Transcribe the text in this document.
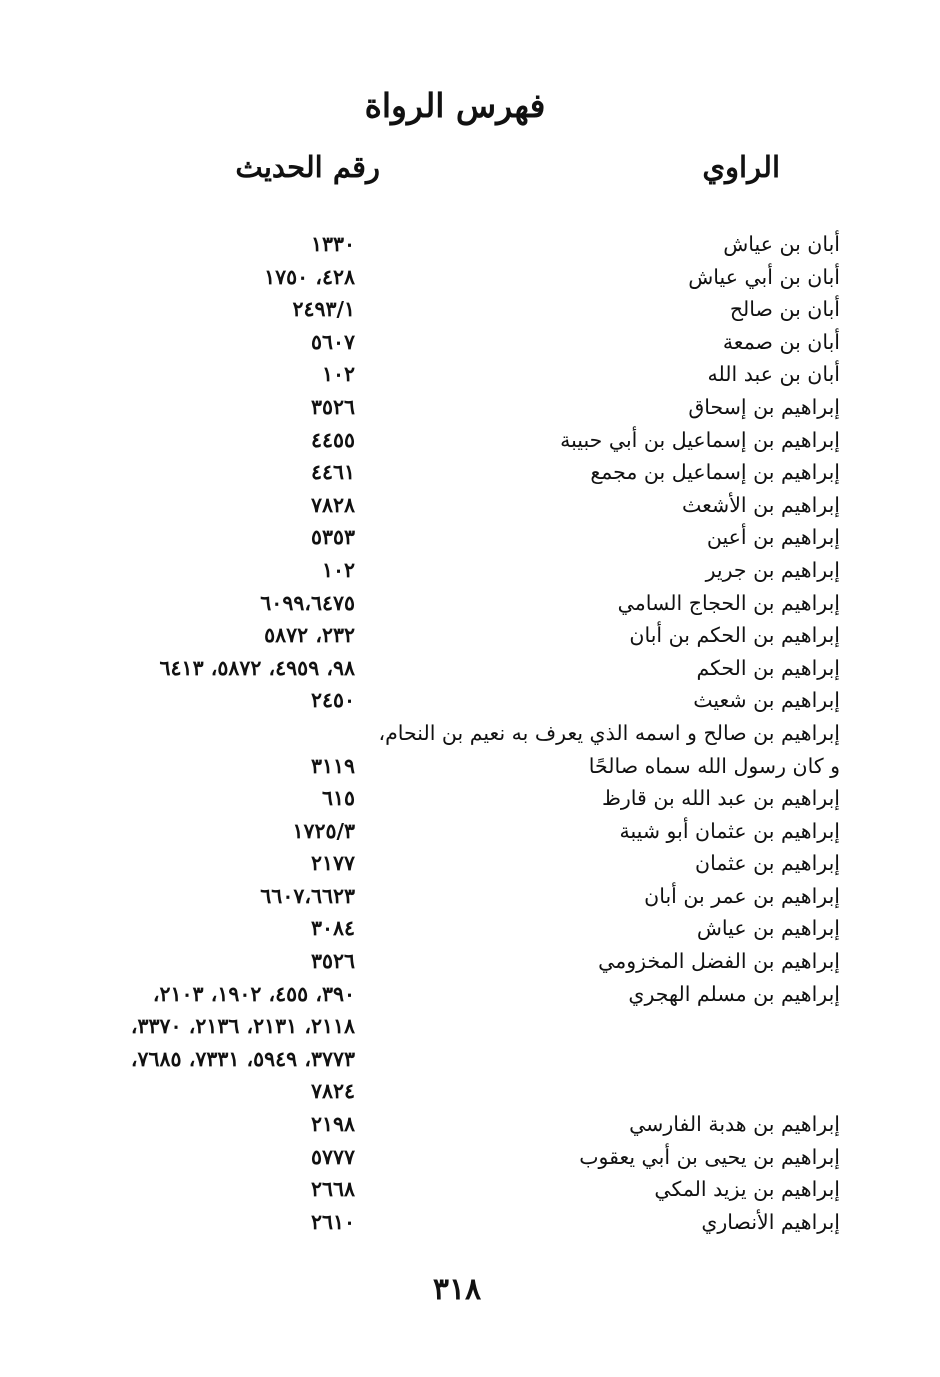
فهرس الرواة
الراوي
رقم الحديث
أبان بن عياش
١٣٣٠
أبان بن أبي عياش
٤٢٨، ١٧٥٠
أبان بن صالح
٢٤٩٣/١
أبان بن صمعة
٥٦٠٧
أبان بن عبد الله
١٠٢
إبراهيم بن إسحاق
٣٥٢٦
إبراهيم بن إسماعيل بن أبي حبيبة
٤٤٥٥
إبراهيم بن إسماعيل بن مجمع
٤٤٦١
إبراهيم بن الأشعث
٧٨٢٨
إبراهيم بن أعين
٥٣٥٣
إبراهيم بن جرير
١٠٢
إبراهيم بن الحجاج السامي
٦٠٩٩،٦٤٧٥
إبراهيم بن الحكم بن أبان
٢٣٢، ٥٨٧٢
إبراهيم بن الحكم
٩٨، ٤٩٥٩، ٥٨٧٢، ٦٤١٣
إبراهيم بن شعيث
٢٤٥٠
إبراهيم بن صالح و اسمه الذي يعرف به نعيم بن النحام،
و كان رسول الله سماه صالحًا
٣١١٩
إبراهيم بن عبد الله بن قارظ
٦١٥
إبراهيم بن عثمان أبو شيبة
١٧٢٥/٣
إبراهيم بن عثمان
٢١٧٧
إبراهيم بن عمر بن أبان
٦٦٠٧،٦٦٢٣
إبراهيم بن عياش
٣٠٨٤
إبراهيم بن الفضل المخزومي
٣٥٢٦
إبراهيم بن مسلم الهجري
٣٩٠، ٤٥٥، ١٩٠٢، ٢١٠٣،
٢١١٨، ٢١٣١، ٢١٣٦، ٣٣٧٠،
٣٧٧٣، ٥٩٤٩، ٧٣٣١، ٧٦٨٥،
٧٨٢٤
إبراهيم بن هدبة الفارسي
٢١٩٨
إبراهيم بن يحيى بن أبي يعقوب
٥٧٧٧
إبراهيم بن يزيد المكي
٢٦٦٨
إبراهيم الأنصاري
٢٦١٠
٣١٨
